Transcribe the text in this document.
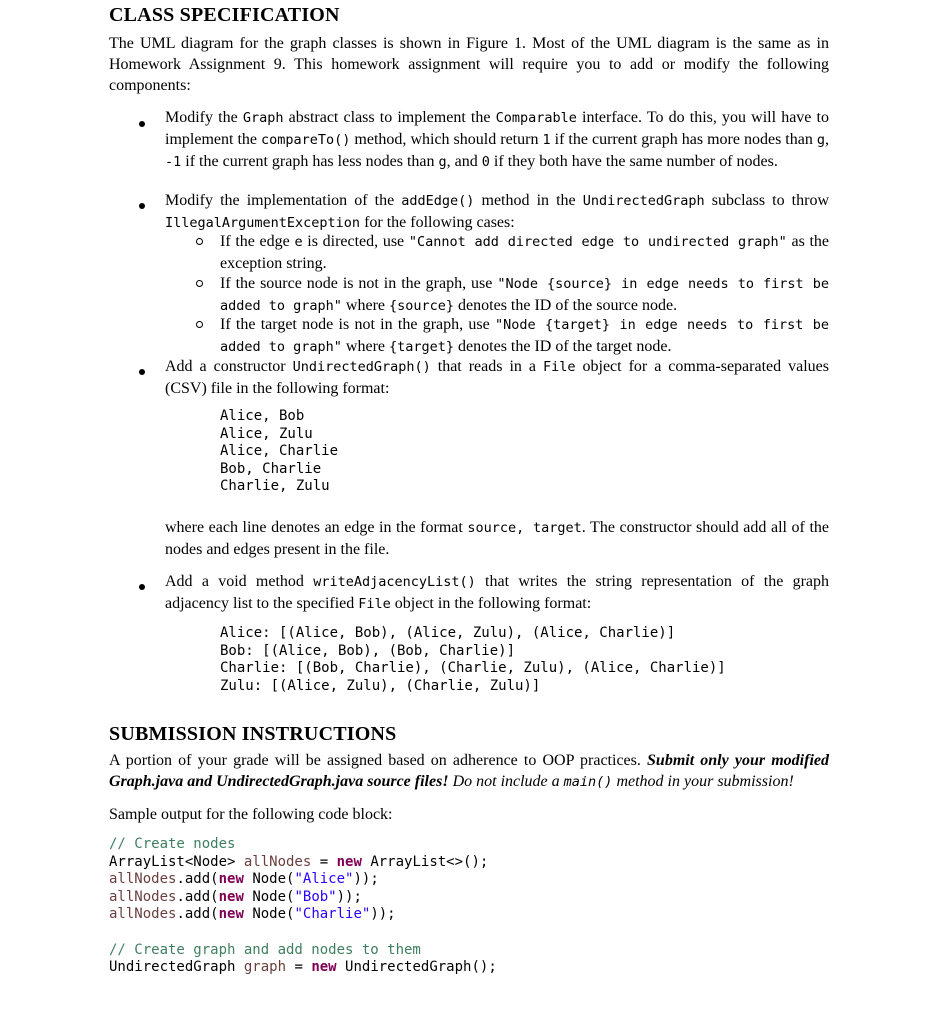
CLASS SPECIFICATION

The UML diagram for the graph classes is shown in Figure 1. Most of the UML diagram is the same as in Homework Assignment 9. This homework assignment will require you to add or modify the following components:

Modify the Graph abstract class to implement the Comparable interface. To do this, you will have to implement the compareTo() method, which should return 1 if the current graph has more nodes than g, -1 if the current graph has less nodes than g, and 0 if they both have the same number of nodes.

Modify the implementation of the addEdge() method in the UndirectedGraph subclass to throw IllegalArgumentException for the following cases:

If the edge e is directed, use "Cannot add directed edge to undirected graph" as the exception string.

If the source node is not in the graph, use "Node {source} in edge needs to first be added to graph" where {source} denotes the ID of the source node.

If the target node is not in the graph, use "Node {target} in edge needs to first be added to graph" where {target} denotes the ID of the target node.

Add a constructor UndirectedGraph() that reads in a File object for a comma-separated values (CSV) file in the following format:

Alice, Bob
Alice, Zulu
Alice, Charlie
Bob, Charlie
Charlie, Zulu

where each line denotes an edge in the format source, target. The constructor should add all of the nodes and edges present in the file.

Add a void method writeAdjacencyList() that writes the string representation of the graph adjacency list to the specified File object in the following format:

Alice: [(Alice, Bob), (Alice, Zulu), (Alice, Charlie)]
Bob: [(Alice, Bob), (Bob, Charlie)]
Charlie: [(Bob, Charlie), (Charlie, Zulu), (Alice, Charlie)]
Zulu: [(Alice, Zulu), (Charlie, Zulu)]
SUBMISSION INSTRUCTIONS

A portion of your grade will be assigned based on adherence to OOP practices. Submit only your modified Graph.java and UndirectedGraph.java source files! Do not include a main() method in your submission!

Sample output for the following code block:

// Create nodes
ArrayList<Node> allNodes = new ArrayList<>();
allNodes.add(new Node("Alice"));
allNodes.add(new Node("Bob"));
allNodes.add(new Node("Charlie"));
// Create graph and add nodes to them
UndirectedGraph graph = new UndirectedGraph();
